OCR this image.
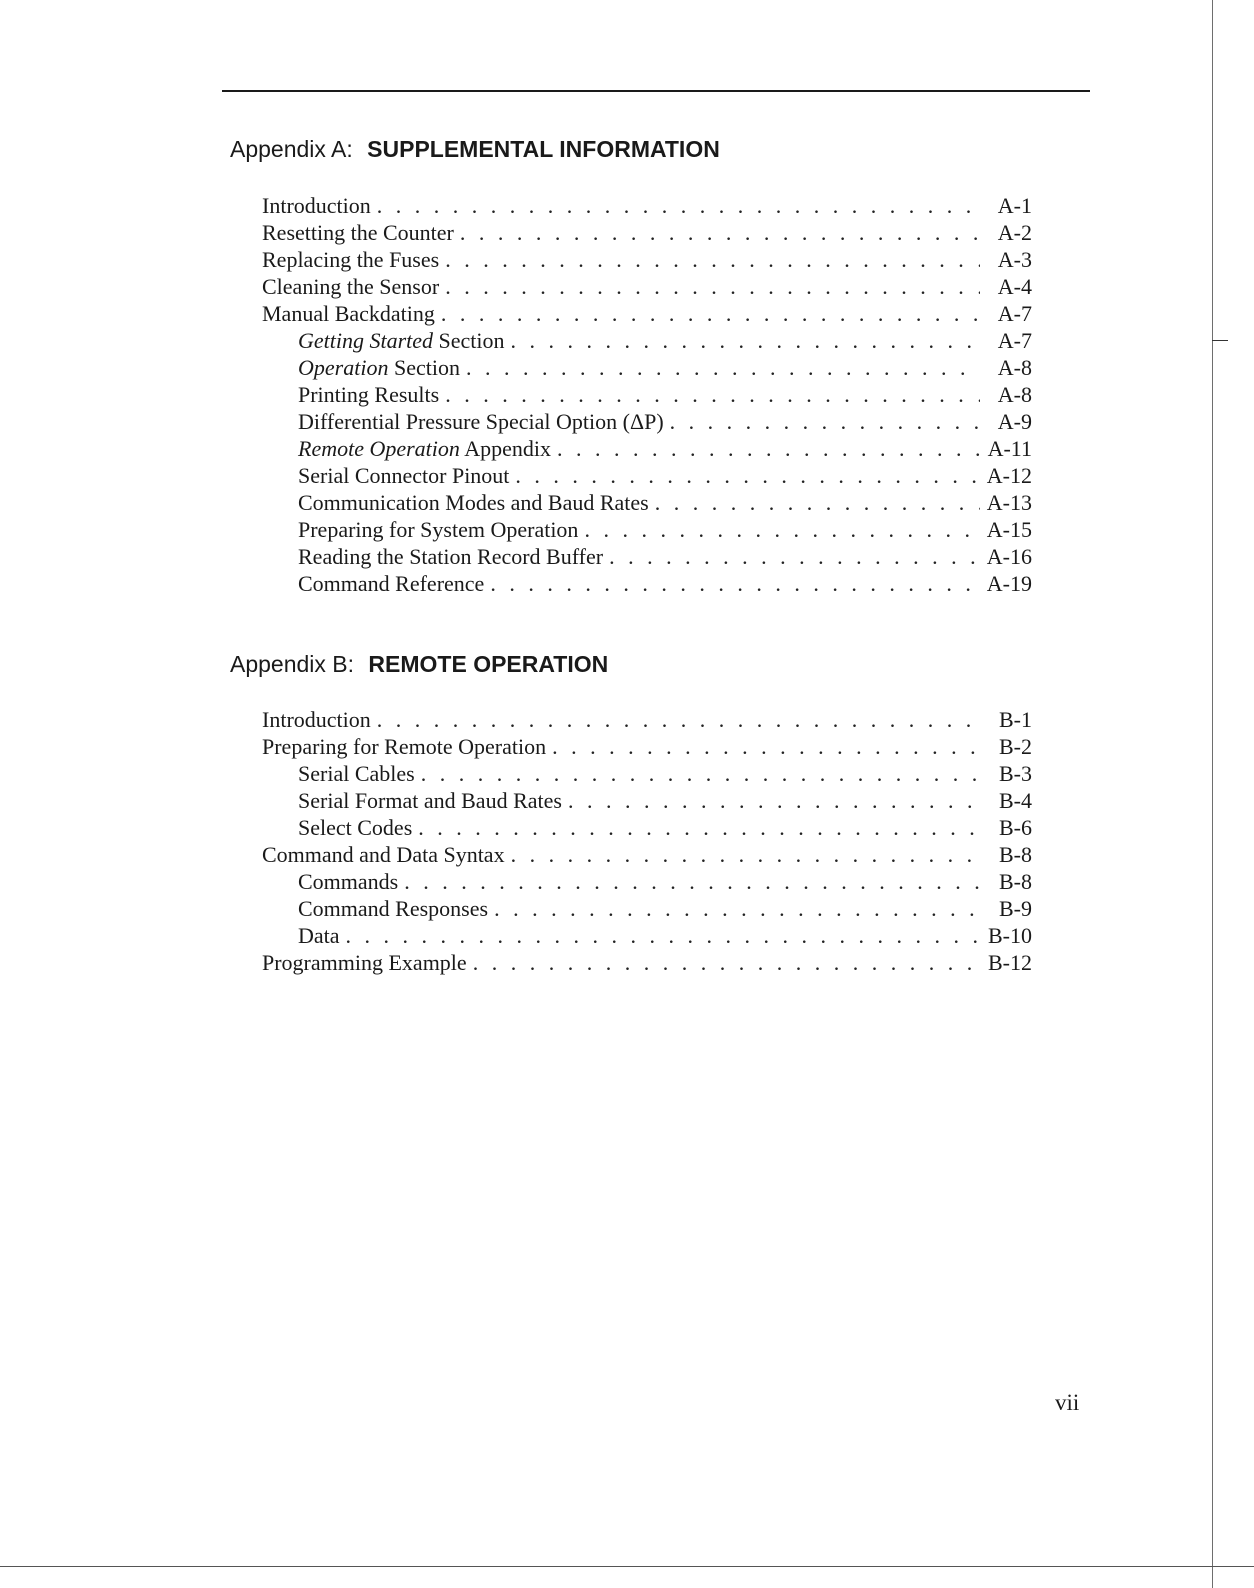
Appendix A: SUPPLEMENTAL INFORMATION
Introduction . . .	A-1
Resetting the Counter . . .	A-2
Replacing the Fuses . . .	A-3
Cleaning the Sensor . . .	A-4
Manual Backdating . . .	A-7
Getting Started Section . . .	A-7
Operation Section . . .	A-8
Printing Results . . .	A-8
Differential Pressure Special Option (ΔP) . . .	A-9
Remote Operation Appendix . . .	A-11
Serial Connector Pinout . . .	A-12
Communication Modes and Baud Rates . . .	A-13
Preparing for System Operation . . .	A-15
Reading the Station Record Buffer . . .	A-16
Command Reference . . .	A-19
Appendix B: REMOTE OPERATION
Introduction . . .	B-1
Preparing for Remote Operation . . .	B-2
Serial Cables . . .	B-3
Serial Format and Baud Rates . . .	B-4
Select Codes . . .	B-6
Command and Data Syntax . . .	B-8
Commands . . .	B-8
Command Responses . . .	B-9
Data . . .	B-10
Programming Example . . .	B-12
vii
